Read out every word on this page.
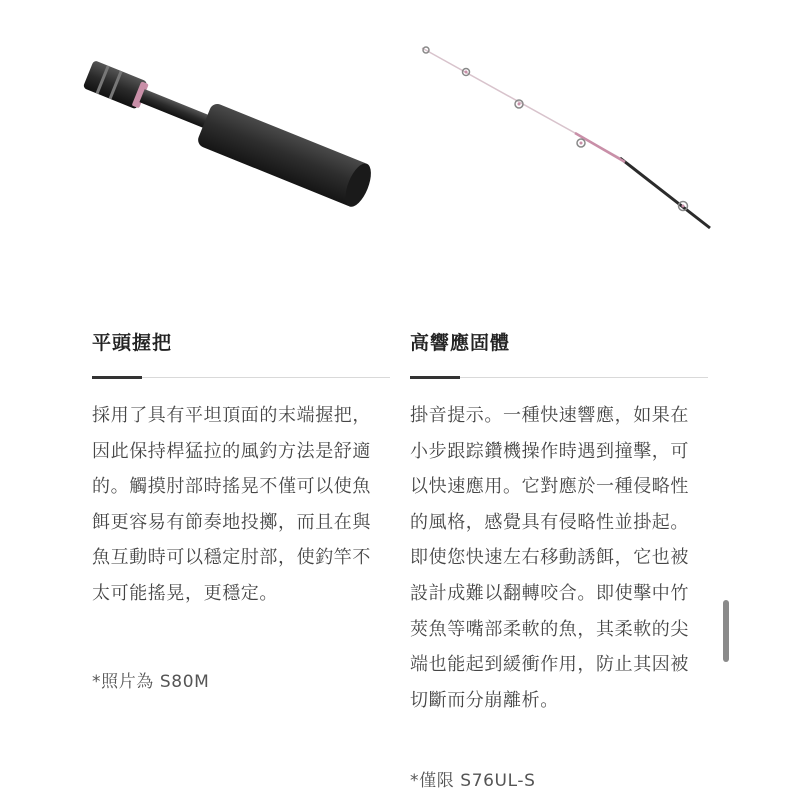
平頭握把
採用了具有平坦頂面的末端握把，因此保持桿猛拉的風釣方法是舒適的。觸摸肘部時搖晃不僅可以使魚餌更容易有節奏地投擲，而且在與魚互動時可以穩定肘部，使釣竿不太可能搖晃，更穩定。
*照片為 S80M
高響應固體
掛音提示。一種快速響應，如果在小步跟踪鑽機操作時遇到撞擊，可以快速應用。它對應於一種侵略性的風格，感覺具有侵略性並掛起。即使您快速左右移動誘餌，它也被設計成難以翻轉咬合。即使擊中竹莢魚等嘴部柔軟的魚，其柔軟的尖端也能起到緩衝作用，防止其因被切斷而分崩離析。
*僅限 S76UL-S
